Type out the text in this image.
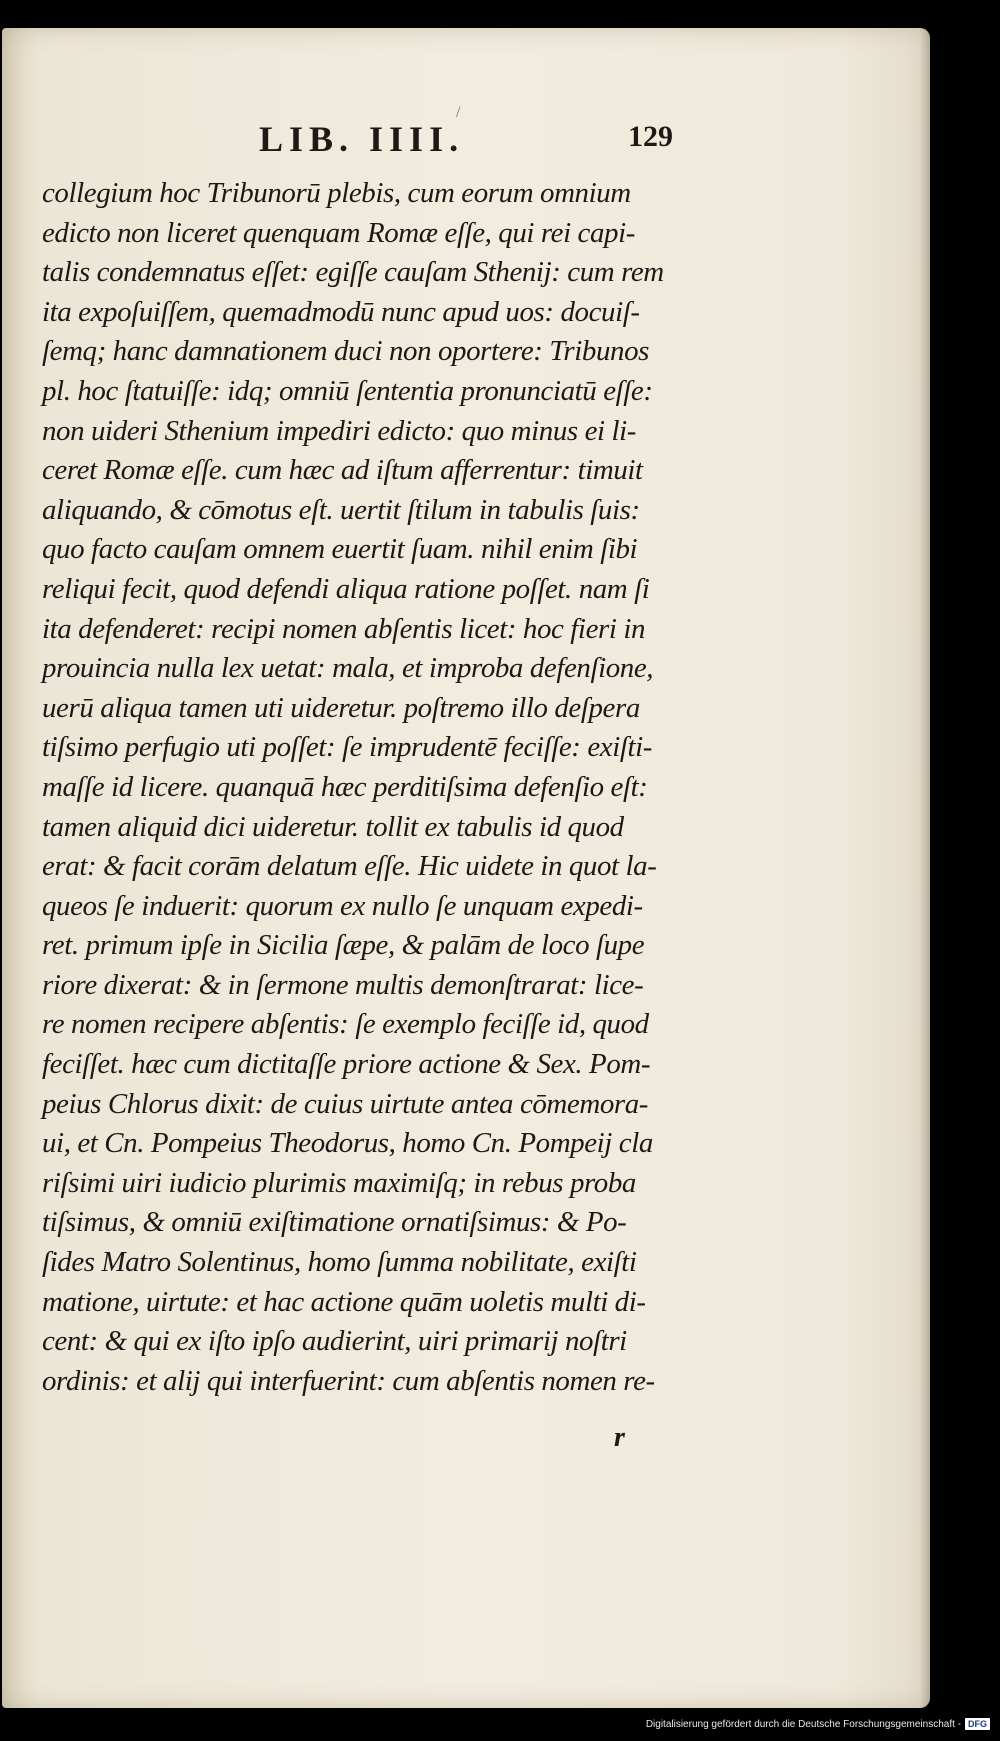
/
LIB. IIII.	129
collegium hoc Tribunorū plebis, cum eorum omnium
edicto non liceret quenquam Romæ eſſe, qui rei capi-
talis condemnatus eſſet: egiſſe cauſam Sthenij: cum rem
ita expoſuiſſem, quemadmodū nunc apud uos: docuiſ-
ſemq; hanc damnationem duci non oportere: Tribunos
pl. hoc ſtatuiſſe: idq; omniū ſententia pronunciatū eſſe:
non uideri Sthenium impediri edicto: quo minus ei li-
ceret Romæ eſſe. cum hæc ad iſtum afferrentur: timuit
aliquando, & cōmotus eſt. uertit ſtilum in tabulis ſuis:
quo facto cauſam omnem euertit ſuam. nihil enim ſibi
reliqui fecit, quod defendi aliqua ratione poſſet. nam ſi
ita defenderet: recipi nomen abſentis licet: hoc fieri in
prouincia nulla lex uetat: mala, et improba defenſione,
uerū aliqua tamen uti uideretur. poſtremo illo deſpera
tiſsimo perfugio uti poſſet: ſe imprudentē feciſſe: exiſti-
maſſe id licere. quanquā hæc perditiſsima defenſio eſt:
tamen aliquid dici uideretur. tollit ex tabulis id quod
erat: & facit corām delatum eſſe. Hic uidete in quot la-
queos ſe induerit: quorum ex nullo ſe unquam expedi-
ret. primum ipſe in Sicilia ſæpe, & palām de loco ſupe
riore dixerat: & in ſermone multis demonſtrarat: lice-
re nomen recipere abſentis: ſe exemplo feciſſe id, quod
feciſſet. hæc cum dictitaſſe priore actione & Sex. Pom-
peius Chlorus dixit: de cuius uirtute antea cōmemora-
ui, et Cn. Pompeius Theodorus, homo Cn. Pompeij cla
riſsimi uiri iudicio plurimis maximiſq; in rebus proba
tiſsimus, & omniū exiſtimatione ornatiſsimus: & Po-
ſides Matro Solentinus, homo ſumma nobilitate, exiſti
matione, uirtute: et hac actione quām uoletis multi di-
cent: & qui ex iſto ipſo audierint, uiri primarij noſtri
ordinis: et alij qui interfuerint: cum abſentis nomen re-
r
Digitalisierung gefördert durch die Deutsche Forschungsgemeinschaft - DFG
